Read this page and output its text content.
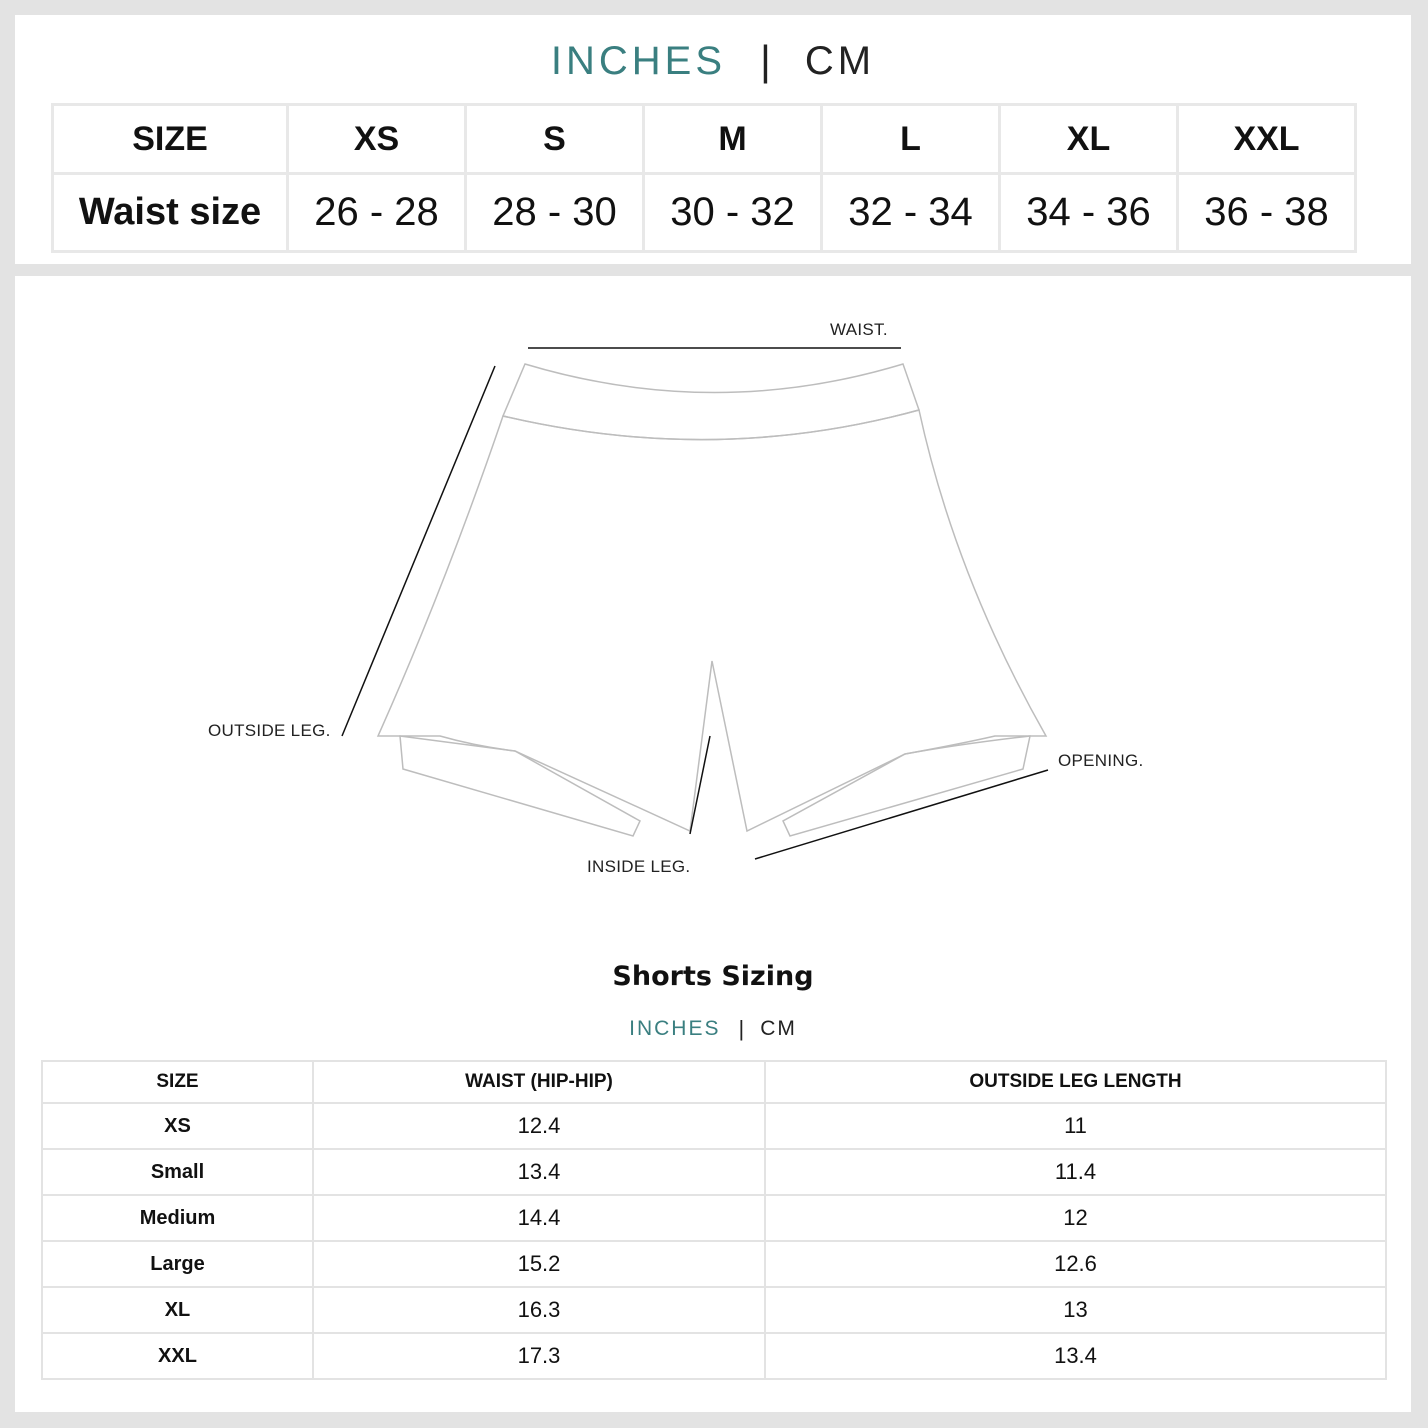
INCHES | CM
SIZE	XS	S	M	L	XL	XXL
Waist size	26 - 28	28 - 30	30 - 32	32 - 34	34 - 36	36 - 38
WAIST.
OUTSIDE LEG.
OPENING.
INSIDE LEG.
Shorts Sizing
INCHES | CM
SIZE	WAIST (HIP-HIP)	OUTSIDE LEG LENGTH
XS	12.4	11
Small	13.4	11.4
Medium	14.4	12
Large	15.2	12.6
XL	16.3	13
XXL	17.3	13.4
